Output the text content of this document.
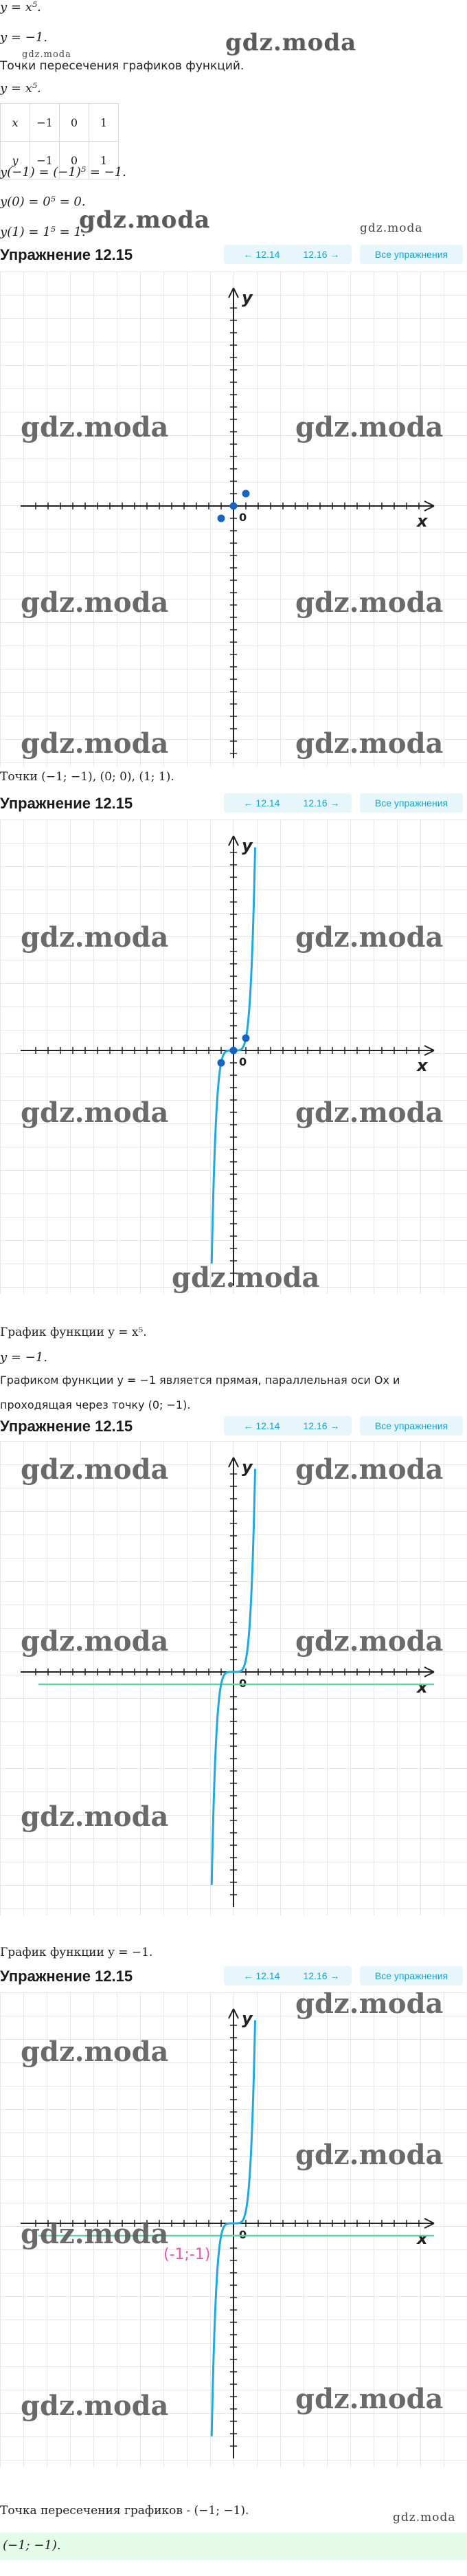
y = x⁵.
y = −1.	gdz.moda
gdz.moda
Точки пересечения графиков функций.
y = x⁵.
x	−1	0	1
y	−1	0	1
y(−1) = (−1)⁵ = −1.
y(0) = 0⁵ = 0.
gdz.moda	gdz.moda
y(1) = 1⁵ = 1.
Упражнение 12.15	← 12.14	12.16 →	Все упражнения
x
y
0
gdz.moda	gdz.moda
gdz.moda	gdz.moda
gdz.moda	gdz.moda
Точки (−1; −1), (0; 0), (1; 1).
Упражнение 12.15	← 12.14	12.16 →	Все упражнения
x
y
0
gdz.moda	gdz.moda
gdz.moda	gdz.moda
gdz.moda
График функции y = x⁵.
y = −1.
Графиком функции y = −1 является прямая, параллельная оси Ox и
проходящая через точку (0; −1).
Упражнение 12.15	← 12.14	12.16 →	Все упражнения
x
y
0
gdz.moda	gdz.moda
gdz.moda	gdz.moda
gdz.moda
График функции y = −1.
Упражнение 12.15	← 12.14	12.16 →	Все упражнения
x
y
0
(-1;-1)
gdz.moda
gdz.moda
gdz.moda
gdz.moda
gdz.moda
gdz.moda
Точка пересечения графиков - (−1; −1).	gdz.moda
(−1; −1).
